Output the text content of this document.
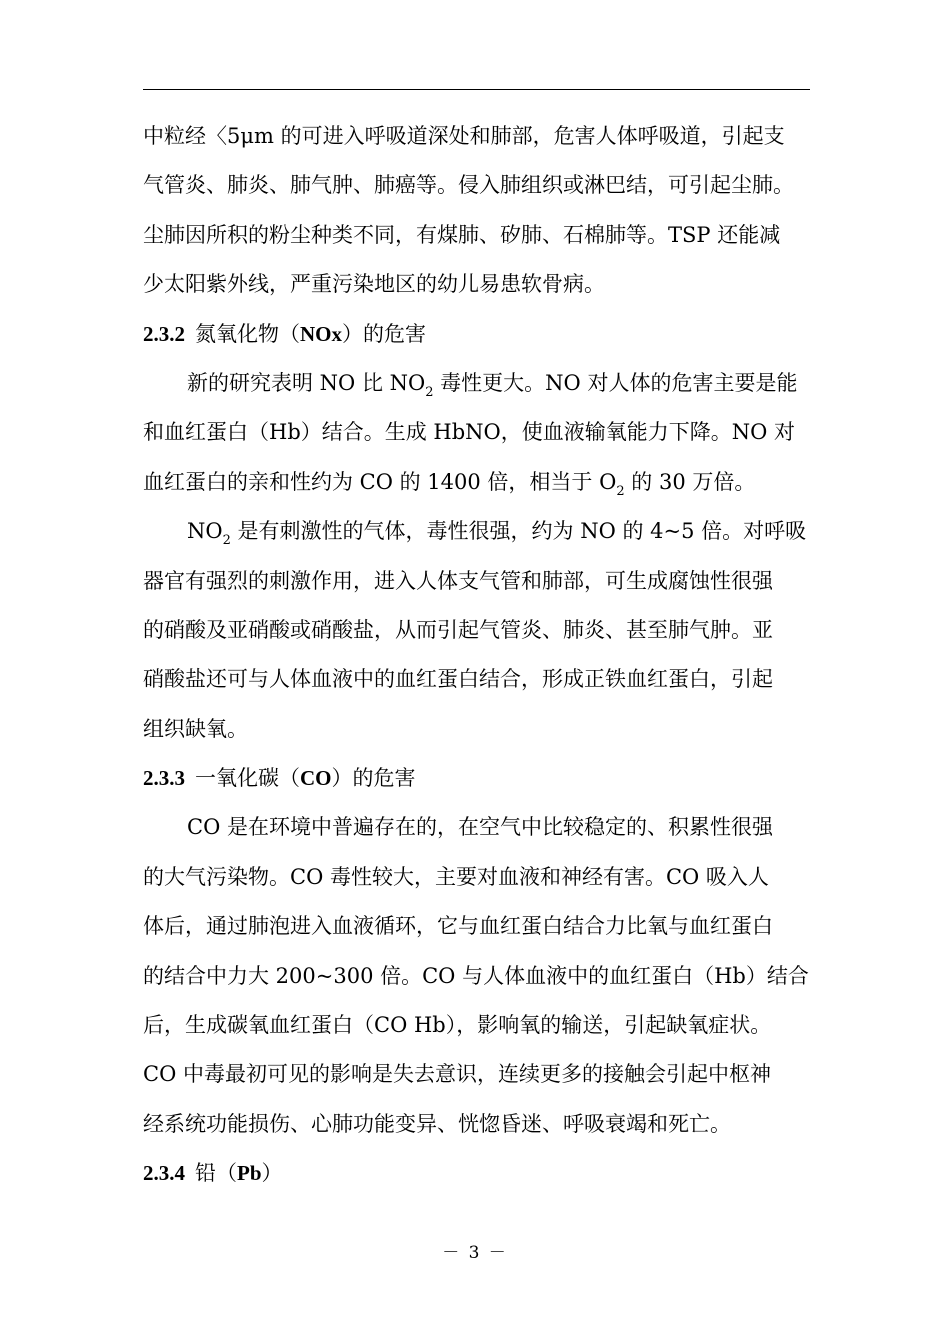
中粒经〈5μm 的可进入呼吸道深处和肺部，危害人体呼吸道，引起支
气管炎、肺炎、肺气肿、肺癌等。侵入肺组织或淋巴结，可引起尘肺。
尘肺因所积的粉尘种类不同，有煤肺、矽肺、石棉肺等。TSP 还能减
少太阳紫外线，严重污染地区的幼儿易患软骨病。
2.3.2 氮氧化物（NOx）的危害
新的研究表明 NO 比 $NO_2$ 毒性更大。NO 对人体的危害主要是能
和血红蛋白（Hb）结合。生成 HbNO，使血液输氧能力下降。NO 对
血红蛋白的亲和性约为 CO 的 1400 倍，相当于 $O_2$ 的 30 万倍。
$NO_2$ 是有刺激性的气体，毒性很强，约为 NO 的 4~5 倍。对呼吸
器官有强烈的刺激作用，进入人体支气管和肺部，可生成腐蚀性很强
的硝酸及亚硝酸或硝酸盐，从而引起气管炎、肺炎、甚至肺气肿。亚
硝酸盐还可与人体血液中的血红蛋白结合，形成正铁血红蛋白，引起
组织缺氧。
2.3.3 一氧化碳（CO）的危害
CO 是在环境中普遍存在的，在空气中比较稳定的、积累性很强
的大气污染物。CO 毒性较大，主要对血液和神经有害。CO 吸入人
体后，通过肺泡进入血液循环，它与血红蛋白结合力比氧与血红蛋白
的结合中力大 200~300 倍。CO 与人体血液中的血红蛋白（Hb）结合
后，生成碳氧血红蛋白（CO Hb），影响氧的输送，引起缺氧症状。
CO 中毒最初可见的影响是失去意识，连续更多的接触会引起中枢神
经系统功能损伤、心肺功能变异、恍惚昏迷、呼吸衰竭和死亡。
2.3.4 铅（Pb）
－ 3 －
